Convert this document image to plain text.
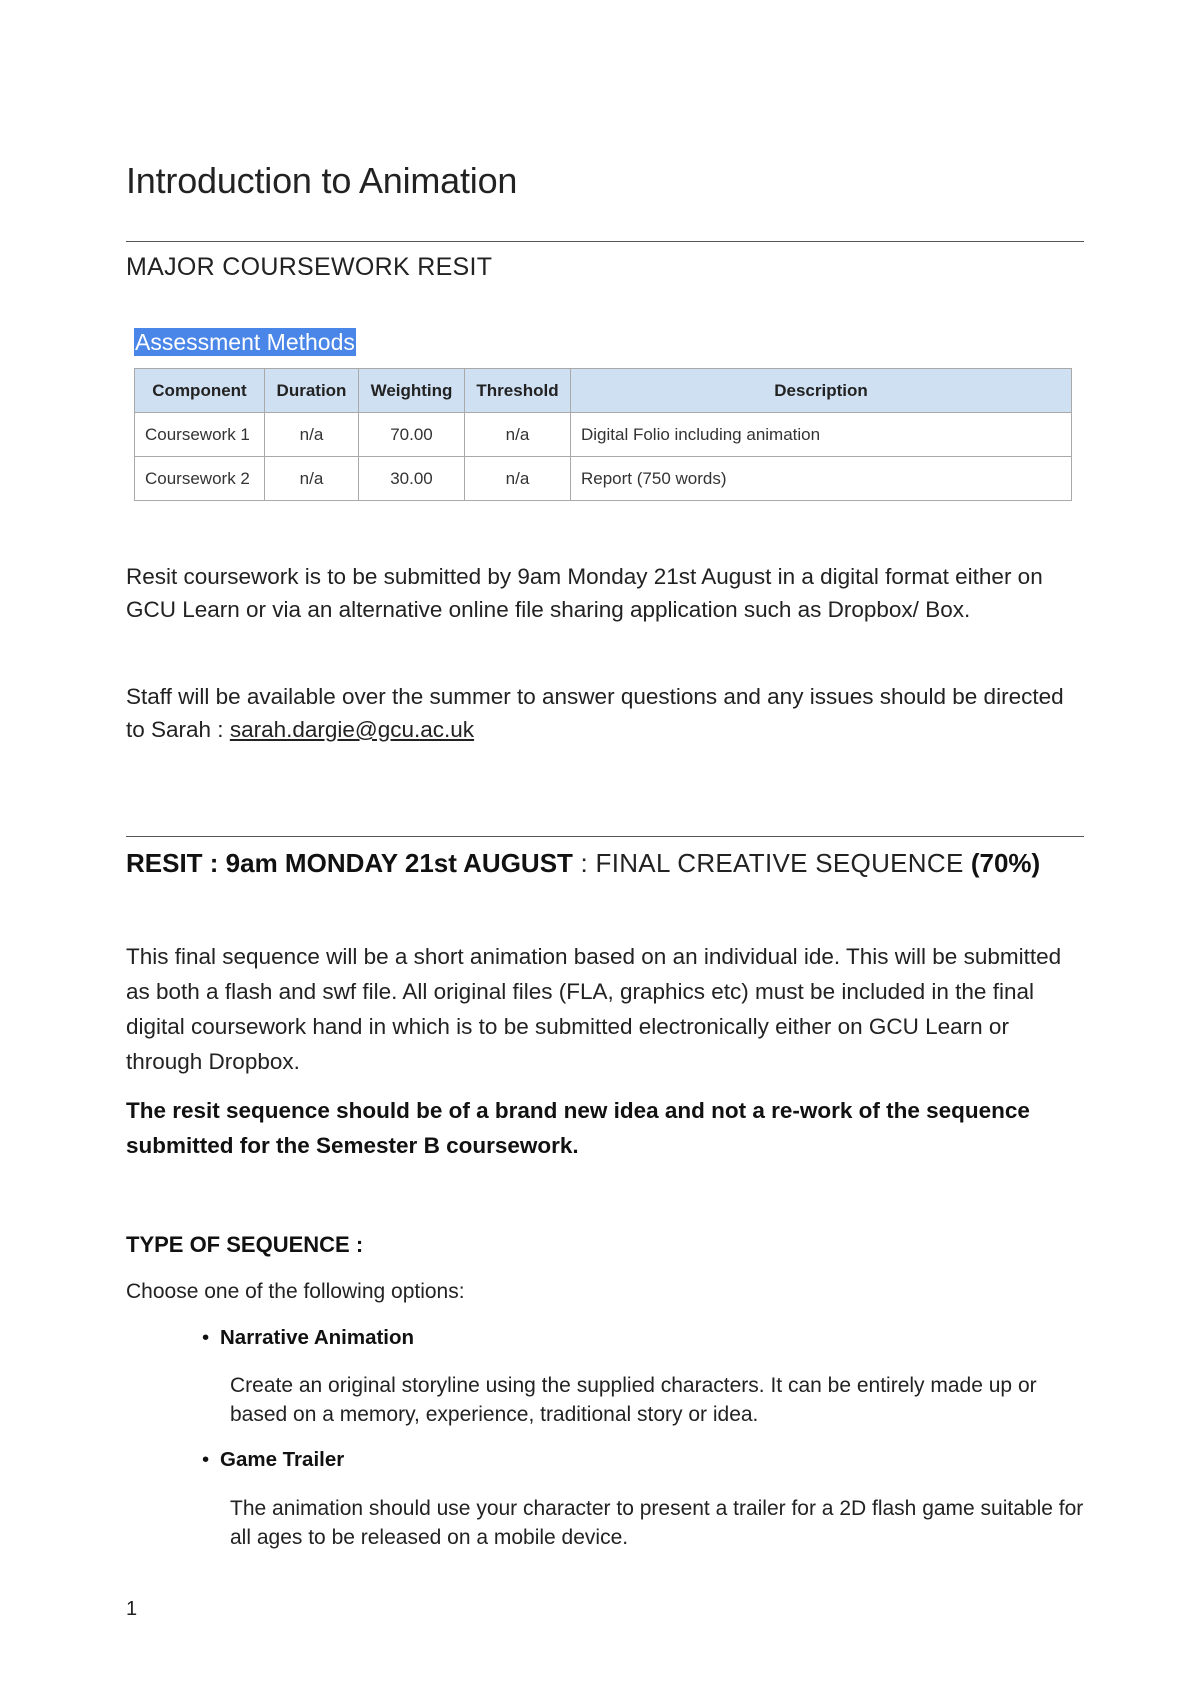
Introduction to Animation

MAJOR COURSEWORK RESIT

Assessment Methods
Component	Duration	Weighting	Threshold	Description
Coursework 1	n/a	70.00	n/a	Digital Folio including animation
Coursework 2	n/a	30.00	n/a	Report (750 words)

Resit coursework is to be submitted by 9am Monday 21st August in a digital format either on GCU Learn or via an alternative online file sharing application such as Dropbox/ Box.

Staff will be available over the summer to answer questions and any issues should be directed to Sarah : sarah.dargie@gcu.ac.uk

RESIT : 9am MONDAY 21st AUGUST : FINAL CREATIVE SEQUENCE (70%)

This final sequence will be a short animation based on an individual ide. This will be submitted as both a flash and swf file. All original files (FLA, graphics etc) must be included in the final digital coursework hand in which is to be submitted electronically either on GCU Learn or through Dropbox.

The resit sequence should be of a brand new idea and not a re-work of the sequence submitted for the Semester B coursework.

TYPE OF SEQUENCE :

Choose one of the following options:

• Narrative Animation

Create an original storyline using the supplied characters. It can be entirely made up or based on a memory, experience, traditional story or idea.

• Game Trailer

The animation should use your character to present a trailer for a 2D flash game suitable for all ages to be released on a mobile device.

1
